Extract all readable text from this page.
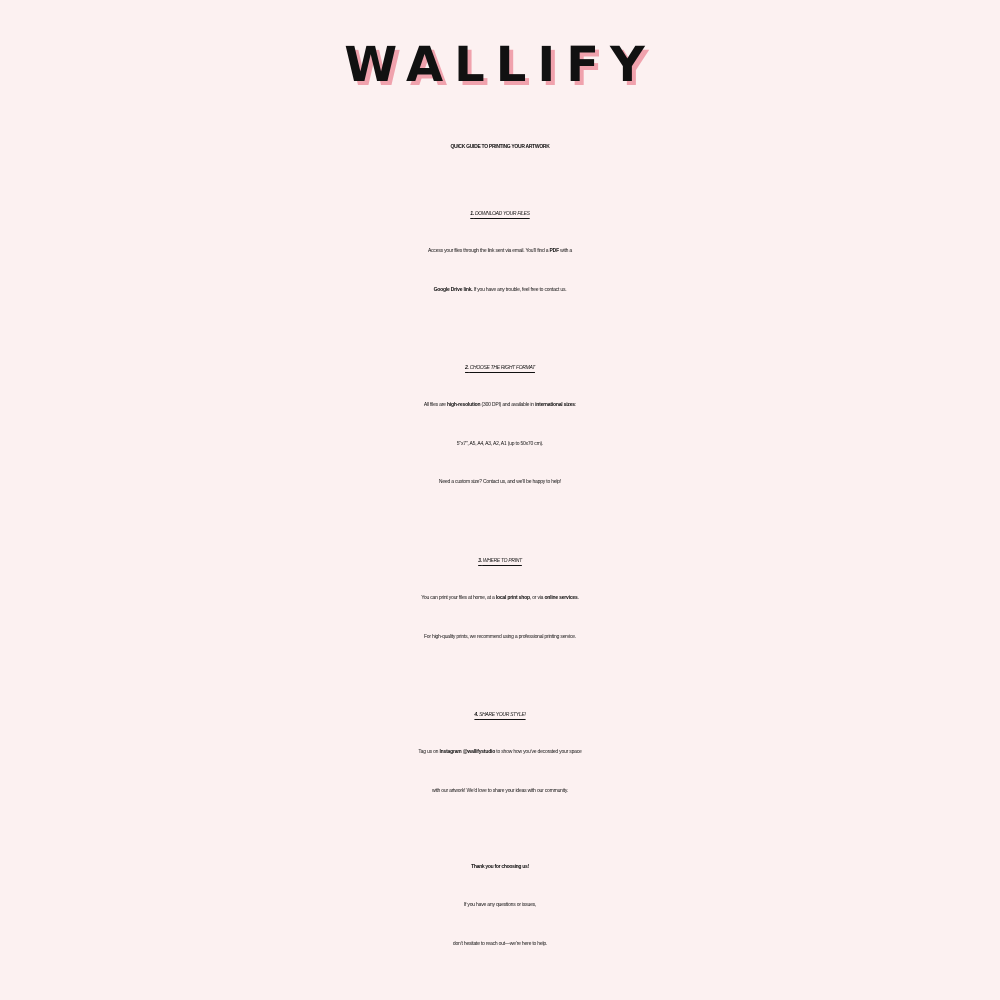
WALLIFY
QUICK GUIDE TO PRINTING YOUR ARTWORK
1. DOWNLOAD YOUR FILES
Access your files through the link sent via email. You’ll find a PDF with a
Google Drive link. If you have any trouble, feel free to contact us.
2. CHOOSE THE RIGHT FORMAT
All files are high-resolution (300 DPI) and available in international sizes:
5"x7", A5, A4, A3, A2, A1 (up to 50x70 cm).
Need a custom size? Contact us, and we’ll be happy to help!
3. WHERE TO PRINT
You can print your files at home, at a local print shop, or via online services.
For high-quality prints, we recommend using a professional printing service.
4. SHARE YOUR STYLE!
Tag us on Instagram @wallifystudio to show how you’ve decorated your space
with our artwork! We’d love to share your ideas with our community.
Thank you for choosing us!
If you have any questions or issues,
don’t hesitate to reach out—we’re here to help.
